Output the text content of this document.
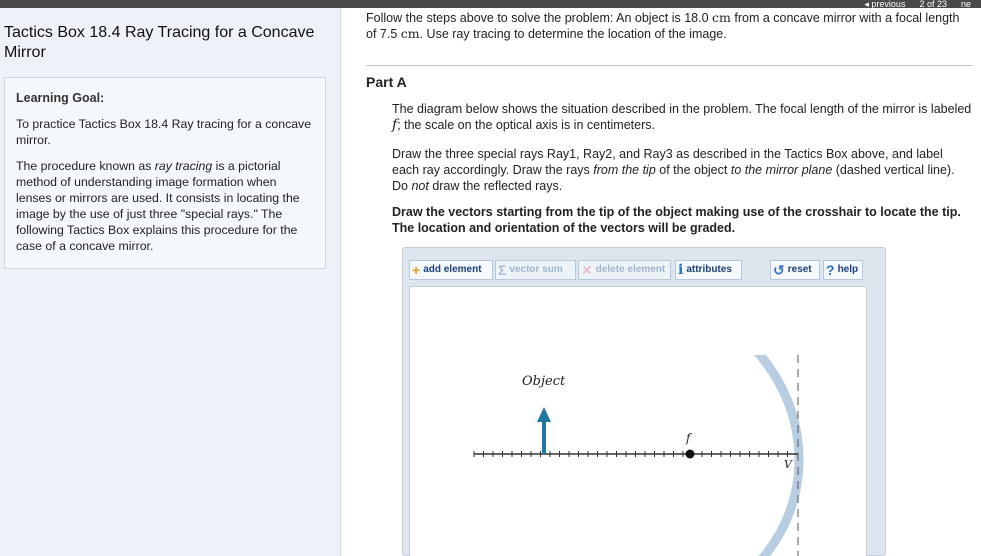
◂ previous 2 of 23 ne
Tactics Box 18.4 Ray Tracing for a Concave Mirror
Learning Goal:

To practice Tactics Box 18.4 Ray tracing for a concave mirror.

The procedure known as ray tracing is a pictorial method of understanding image formation when lenses or mirrors are used. It consists in locating the image by the use of just three "special rays." The following Tactics Box explains this procedure for the case of a concave mirror.

Follow the steps above to solve the problem: An object is 18.0 cm from a concave mirror with a focal length of 7.5 cm. Use ray tracing to determine the location of the image.
Part A
The diagram below shows the situation described in the problem. The focal length of the mirror is labeled f; the scale on the optical axis is in centimeters.
Draw the three special rays Ray1, Ray2, and Ray3 as described in the Tactics Box above, and label each ray accordingly. Draw the rays from the tip of the object to the mirror plane (dashed vertical line). Do not draw the reflected rays.
Draw the vectors starting from the tip of the object making use of the crosshair to locate the tip. The location and orientation of the vectors will be graded.
+ add element Σ vector sum ✕ delete element i attributes	↺ reset ? help
Object
f
V
